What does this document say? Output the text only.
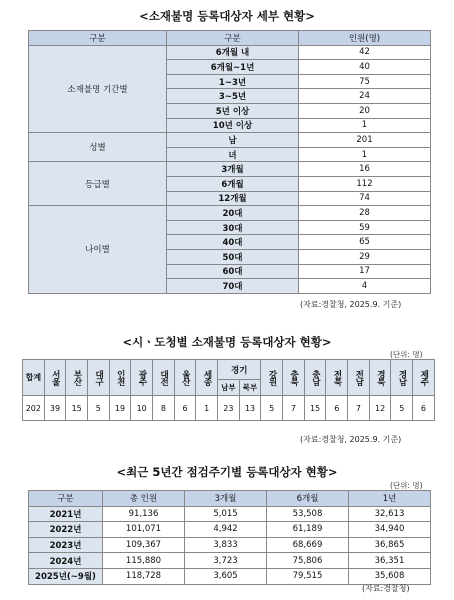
<소재불명 등록대상자 세부 현황>
구분	구분	인원(명)
소재불명 기간별	6개월 내	42
	6개월~1년	40
	1~3년	75
	3~5년	24
	5년 이상	20
	10년 이상	1
성별	남	201
	녀	1
등급별	3개월	16
	6개월	112
	12개월	74
나이별	20대	28
	30대	59
	40대	65
	50대	29
	60대	17
	70대	4
(자료:경찰청, 2025.9. 기준)
<시ㆍ도청별 소재불명 등록대상자 현황>
(단위: 명)
합계	서울	부산	대구	인천	광주	대전	울산	세종	경기		강원	충북	충남	전북	전남	경북	경남	제주
									남부	북부								
202	39	15	5	19	10	8	6	1	23	13	5	7	15	6	7	12	5	6
(자료:경찰청, 2025.9. 기준)
<최근 5년간 점검주기별 등록대상자 현황>
(단위: 명)
구분	총 인원	3개월	6개월	1년
2021년	91,136	5,015	53,508	32,613
2022년	101,071	4,942	61,189	34,940
2023년	109,367	3,833	68,669	36,865
2024년	115,880	3,723	75,806	36,351
2025년(~9월)	118,728	3,605	79,515	35,608
(자료:경찰청)
